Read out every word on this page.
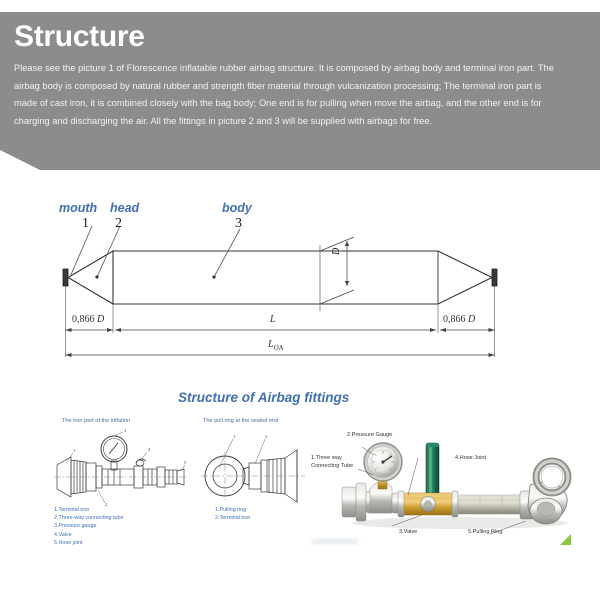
Structure
Please see the picture 1 of Florescence inflatable rubber airbag structure. It is composed by airbag body and terminal iron part. The airbag body is composed by natural rubber and strength fiber material through vulcanization processing; The terminal iron part is made of cast iron, it is combined closely with the bag body; One end is for pulling when move the airbag, and the other end is for charging and discharging the air. All the fittings in picture 2 and 3 will be supplied with airbags for free.
mouth head	body
1 2	3
0,866 D	L	0,866 D
$L_{OA}$
D
Structure of Airbag fittings
The iron part of the inflation
1
3
2
4
5
1.Terminal iron
2.Three-way connecting tube
3.Pressure gauge
4.Valve
5.Hose joint
The pull ring at the sealed end
1	2
1.Pulling ring
2.Terminal iron
1.Three way
Connecting Tube
2.Pressure Gauge
3.Valve
4.Hose Joint
5.Pulling Ring
